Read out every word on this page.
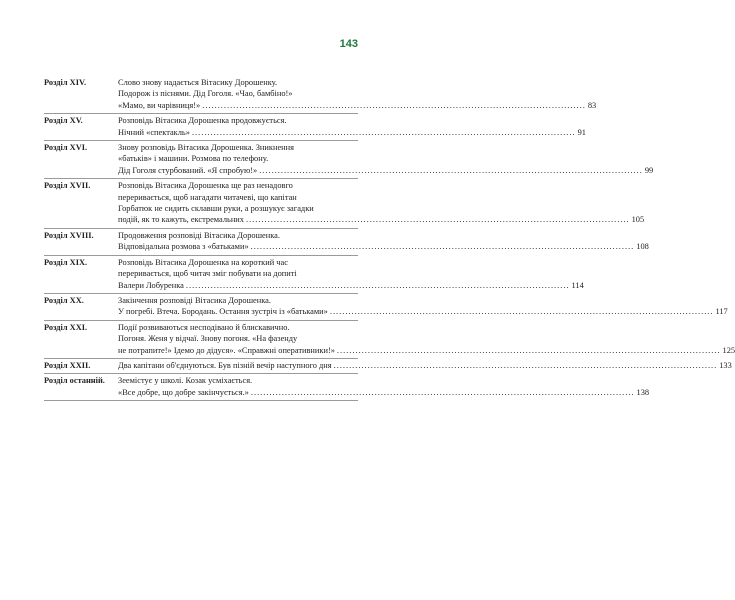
143
Розділ XIV.	Слово знову надається Вітасику Дорошенку.
Подорож із піснями. Дід Гоголя. «Чао, бамбіно!»
«Мамо, ви чарівниця!» .....	83
Розділ XV.	Розповідь Вітасика Дорошенка продовжується.
Нічний «спектакль» .....	91
Розділ XVI.	Знову розповідь Вітасика Дорошенка. Зникнення
«батьків» і машини. Розмова по телефону.
Дід Гоголя стурбований. «Я спробую!» .....	99
Розділ XVII.	Розповідь Вітасика Дорошенка ще раз ненадовго
переривається, щоб нагадати читачеві, що капітан
Горбатюк не сидить склавши руки, а розшукує загадки
подій, як то кажуть, екстремальних .....	105
Розділ XVIII.	Продовження розповіді Вітасика Дорошенка.
Відповідальна розмова з «батьками» .....	108
Розділ XIX.	Розповідь Вітасика Дорошенка на короткий час
переривається, щоб читач зміг побувати на допиті
Валери Лобуренка .....	114
Розділ XX.	Закінчення розповіді Вітасика Дорошенка.
У погребі. Втеча. Бородань. Остання зустріч із «батьками» .....	117
Розділ XXI.	Події розвиваються несподівано й блискавично.
Погоня. Женя у відчаї. Знову погоня. «На фазенду
не потрапите!» Ідемо до дідуся». «Справжні оперативники!» .....	125
Розділ XXII.	Два капітани об'єднуються. Був пізній вечір наступного дня .....	133
Розділ останній.	Зеемістує у школі. Козак усміхається.
«Все добре, що добре закінчується.» .....	138
